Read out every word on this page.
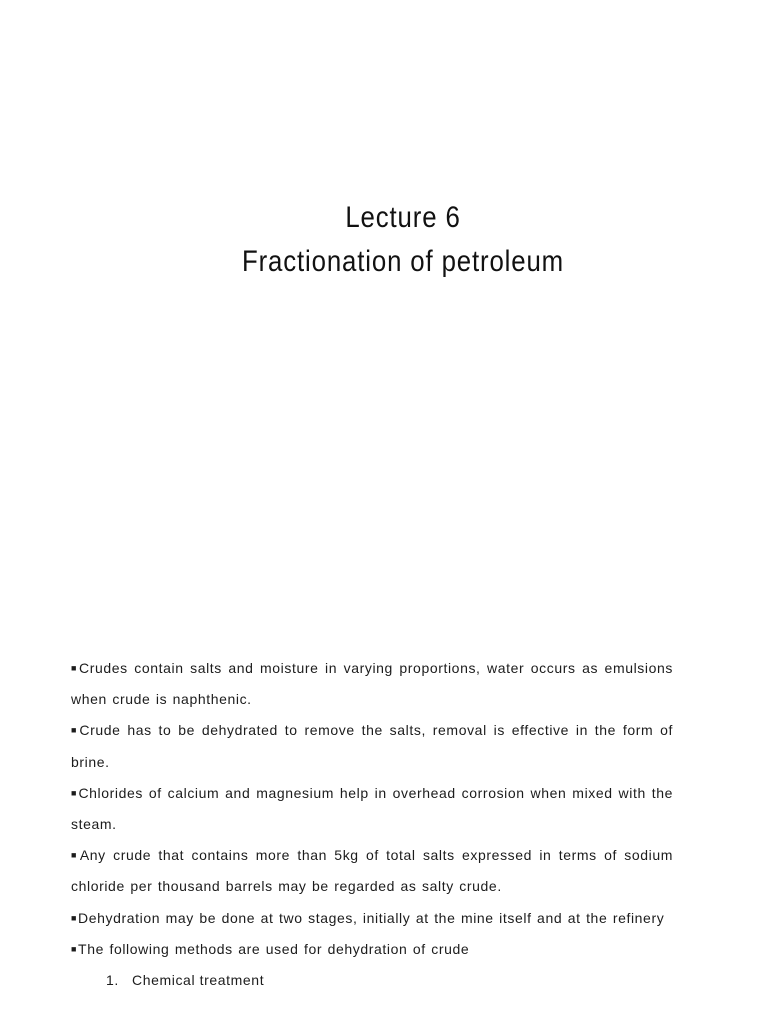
Lecture 6
Fractionation of petroleum

■Crudes contain salts and moisture in varying proportions, water occurs as emulsions when crude is naphthenic.

■Crude has to be dehydrated to remove the salts, removal is effective in the form of brine.

■Chlorides of calcium and magnesium help in overhead corrosion when mixed with the steam.

■Any crude that contains more than 5kg of total salts expressed in terms of sodium chloride per thousand barrels may be regarded as salty crude.

■Dehydration may be done at two stages, initially at the mine itself and at the refinery

■The following methods are used for dehydration of crude

1. Chemical treatment
